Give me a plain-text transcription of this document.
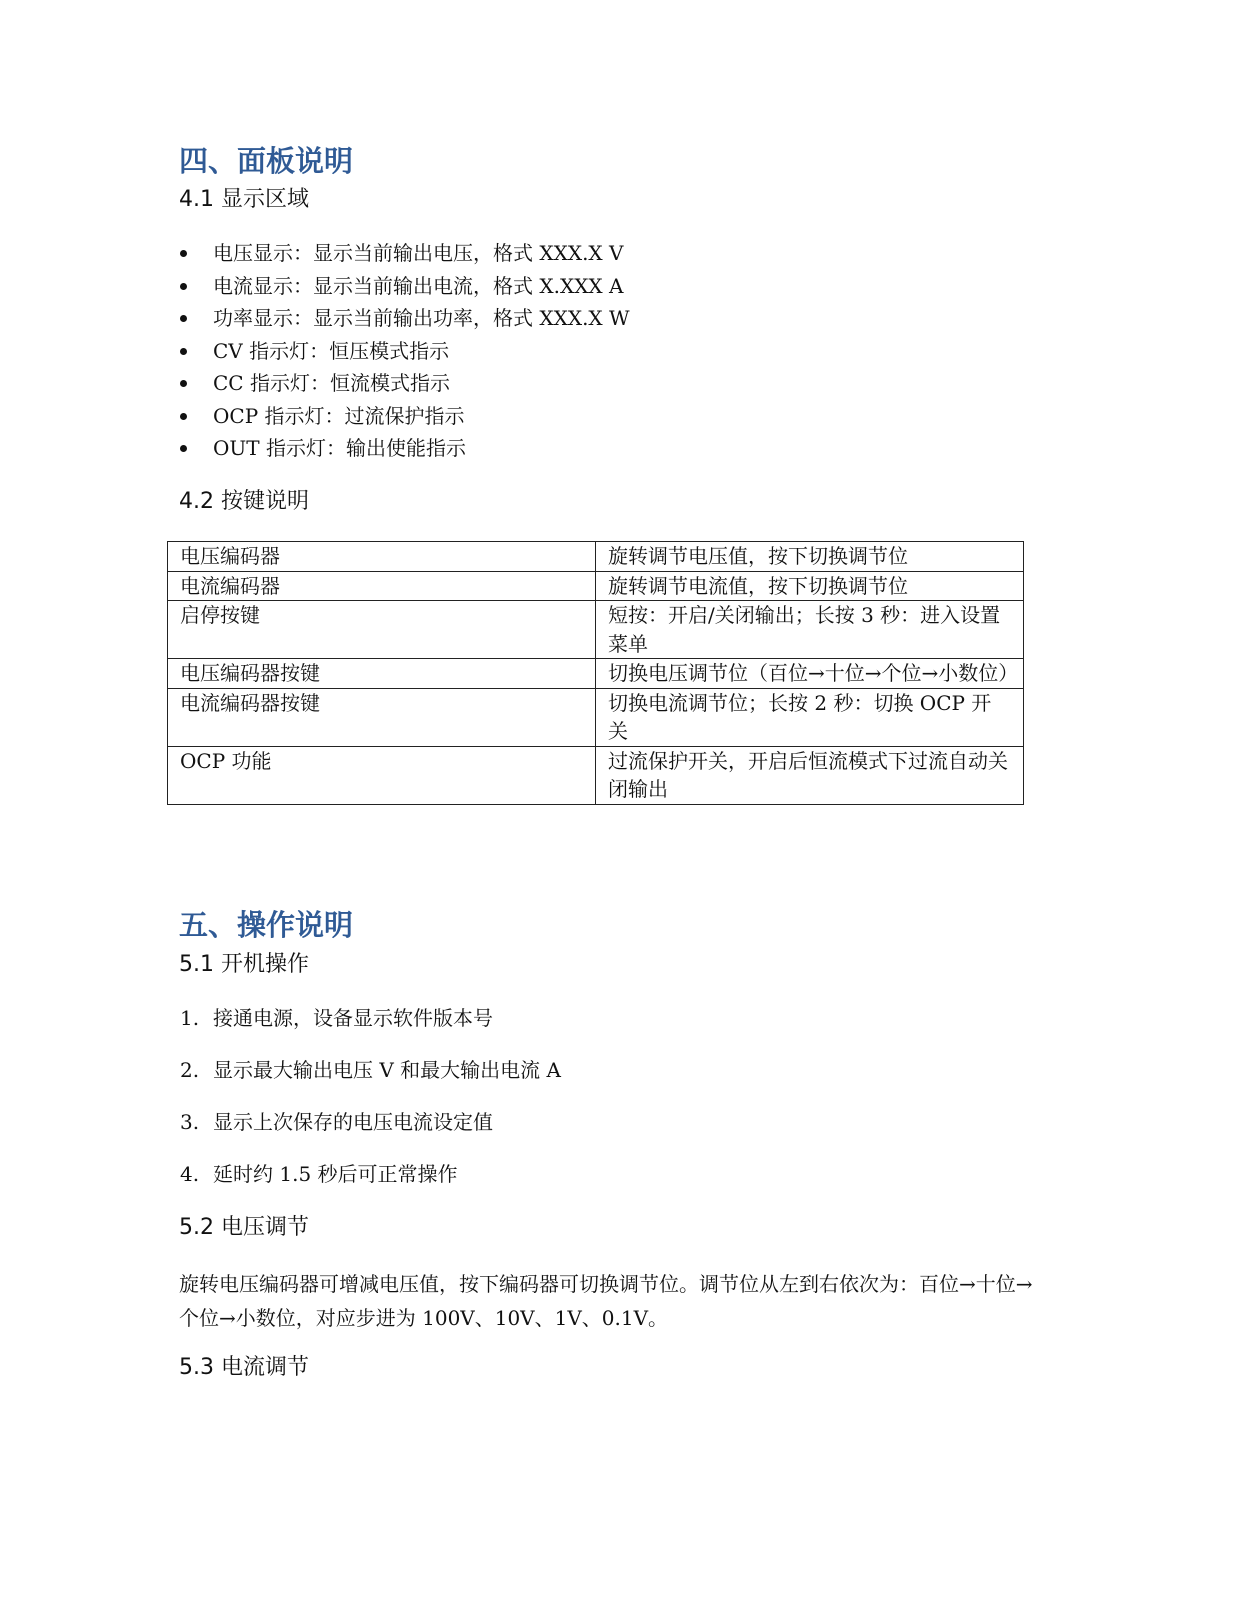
四、面板说明
4.1 显示区域
电压显示：显示当前输出电压，格式 XXX.X V
电流显示：显示当前输出电流，格式 X.XXX A
功率显示：显示当前输出功率，格式 XXX.X W
CV 指示灯：恒压模式指示
CC 指示灯：恒流模式指示
OCP 指示灯：过流保护指示
OUT 指示灯：输出使能指示
4.2 按键说明
电压编码器	旋转调节电压值，按下切换调节位
电流编码器	旋转调节电流值，按下切换调节位
启停按键	短按：开启/关闭输出；长按 3 秒：进入设置菜单
电压编码器按键	切换电压调节位（百位→十位→个位→小数位）
电流编码器按键	切换电流调节位；长按 2 秒：切换 OCP 开关
OCP 功能	过流保护开关，开启后恒流模式下过流自动关闭输出
五、操作说明
5.1 开机操作
1. 接通电源，设备显示软件版本号
2. 显示最大输出电压 V 和最大输出电流 A
3. 显示上次保存的电压电流设定值
4. 延时约 1.5 秒后可正常操作
5.2 电压调节
旋转电压编码器可增减电压值，按下编码器可切换调节位。调节位从左到右依次为：百位→十位→个位→小数位，对应步进为 100V、10V、1V、0.1V。
5.3 电流调节
